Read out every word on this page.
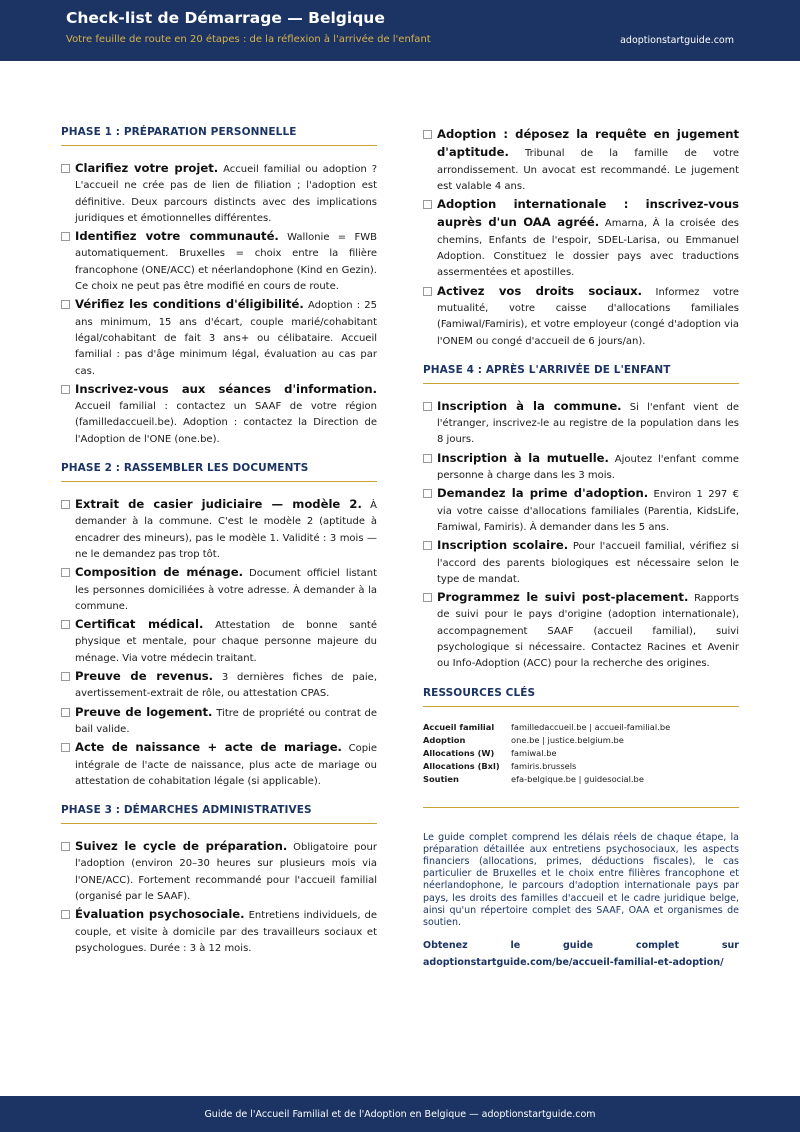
Check-list de Démarrage — Belgique
Votre feuille de route en 20 étapes : de la réflexion à l'arrivée de l'enfant	adoptionstartguide.com
PHASE 1 : PRÉPARATION PERSONNELLE
Clarifiez votre projet. Accueil familial ou adoption ? L'accueil ne crée pas de lien de filiation ; l'adoption est définitive. Deux parcours distincts avec des implications juridiques et émotionnelles différentes.
Identifiez votre communauté. Wallonie = FWB automatiquement. Bruxelles = choix entre la filière francophone (ONE/ACC) et néerlandophone (Kind en Gezin). Ce choix ne peut pas être modifié en cours de route.
Vérifiez les conditions d'éligibilité. Adoption : 25 ans minimum, 15 ans d'écart, couple marié/cohabitant légal/cohabitant de fait 3 ans+ ou célibataire. Accueil familial : pas d'âge minimum légal, évaluation au cas par cas.
Inscrivez-vous aux séances d'information. Accueil familial : contactez un SAAF de votre région (familledaccueil.be). Adoption : contactez la Direction de l'Adoption de l'ONE (one.be).
PHASE 2 : RASSEMBLER LES DOCUMENTS
Extrait de casier judiciaire — modèle 2. À demander à la commune. C'est le modèle 2 (aptitude à encadrer des mineurs), pas le modèle 1. Validité : 3 mois — ne le demandez pas trop tôt.
Composition de ménage. Document officiel listant les personnes domiciliées à votre adresse. À demander à la commune.
Certificat médical. Attestation de bonne santé physique et mentale, pour chaque personne majeure du ménage. Via votre médecin traitant.
Preuve de revenus. 3 dernières fiches de paie, avertissement-extrait de rôle, ou attestation CPAS.
Preuve de logement. Titre de propriété ou contrat de bail valide.
Acte de naissance + acte de mariage. Copie intégrale de l'acte de naissance, plus acte de mariage ou attestation de cohabitation légale (si applicable).
PHASE 3 : DÉMARCHES ADMINISTRATIVES
Suivez le cycle de préparation. Obligatoire pour l'adoption (environ 20–30 heures sur plusieurs mois via l'ONE/ACC). Fortement recommandé pour l'accueil familial (organisé par le SAAF).
Évaluation psychosociale. Entretiens individuels, de couple, et visite à domicile par des travailleurs sociaux et psychologues. Durée : 3 à 12 mois.
Adoption : déposez la requête en jugement d'aptitude. Tribunal de la famille de votre arrondissement. Un avocat est recommandé. Le jugement est valable 4 ans.
Adoption internationale : inscrivez-vous auprès d'un OAA agréé. Amarna, À la croisée des chemins, Enfants de l'espoir, SDEL-Larisa, ou Emmanuel Adoption. Constituez le dossier pays avec traductions assermentées et apostilles.
Activez vos droits sociaux. Informez votre mutualité, votre caisse d'allocations familiales (Famiwal/Famiris), et votre employeur (congé d'adoption via l'ONEM ou congé d'accueil de 6 jours/an).
PHASE 4 : APRÈS L'ARRIVÉE DE L'ENFANT
Inscription à la commune. Si l'enfant vient de l'étranger, inscrivez-le au registre de la population dans les 8 jours.
Inscription à la mutuelle. Ajoutez l'enfant comme personne à charge dans les 3 mois.
Demandez la prime d'adoption. Environ 1 297 € via votre caisse d'allocations familiales (Parentia, KidsLife, Famiwal, Famiris). À demander dans les 5 ans.
Inscription scolaire. Pour l'accueil familial, vérifiez si l'accord des parents biologiques est nécessaire selon le type de mandat.
Programmez le suivi post-placement. Rapports de suivi pour le pays d'origine (adoption internationale), accompagnement SAAF (accueil familial), suivi psychologique si nécessaire. Contactez Racines et Avenir ou Info-Adoption (ACC) pour la recherche des origines.
RESSOURCES CLÉS
Accueil familial	familledaccueil.be | accueil-familial.be
Adoption	one.be | justice.belgium.be
Allocations (W)	famiwal.be
Allocations (Bxl)	famiris.brussels
Soutien	efa-belgique.be | guidesocial.be
Le guide complet comprend les délais réels de chaque étape, la préparation détaillée aux entretiens psychosociaux, les aspects financiers (allocations, primes, déductions fiscales), le cas particulier de Bruxelles et le choix entre filières francophone et néerlandophone, le parcours d'adoption internationale pays par pays, les droits des familles d'accueil et le cadre juridique belge, ainsi qu'un répertoire complet des SAAF, OAA et organismes de soutien.
Obtenez le guide complet sur adoptionstartguide.com/be/accueil-familial-et-adoption/
Guide de l'Accueil Familial et de l'Adoption en Belgique — adoptionstartguide.com
